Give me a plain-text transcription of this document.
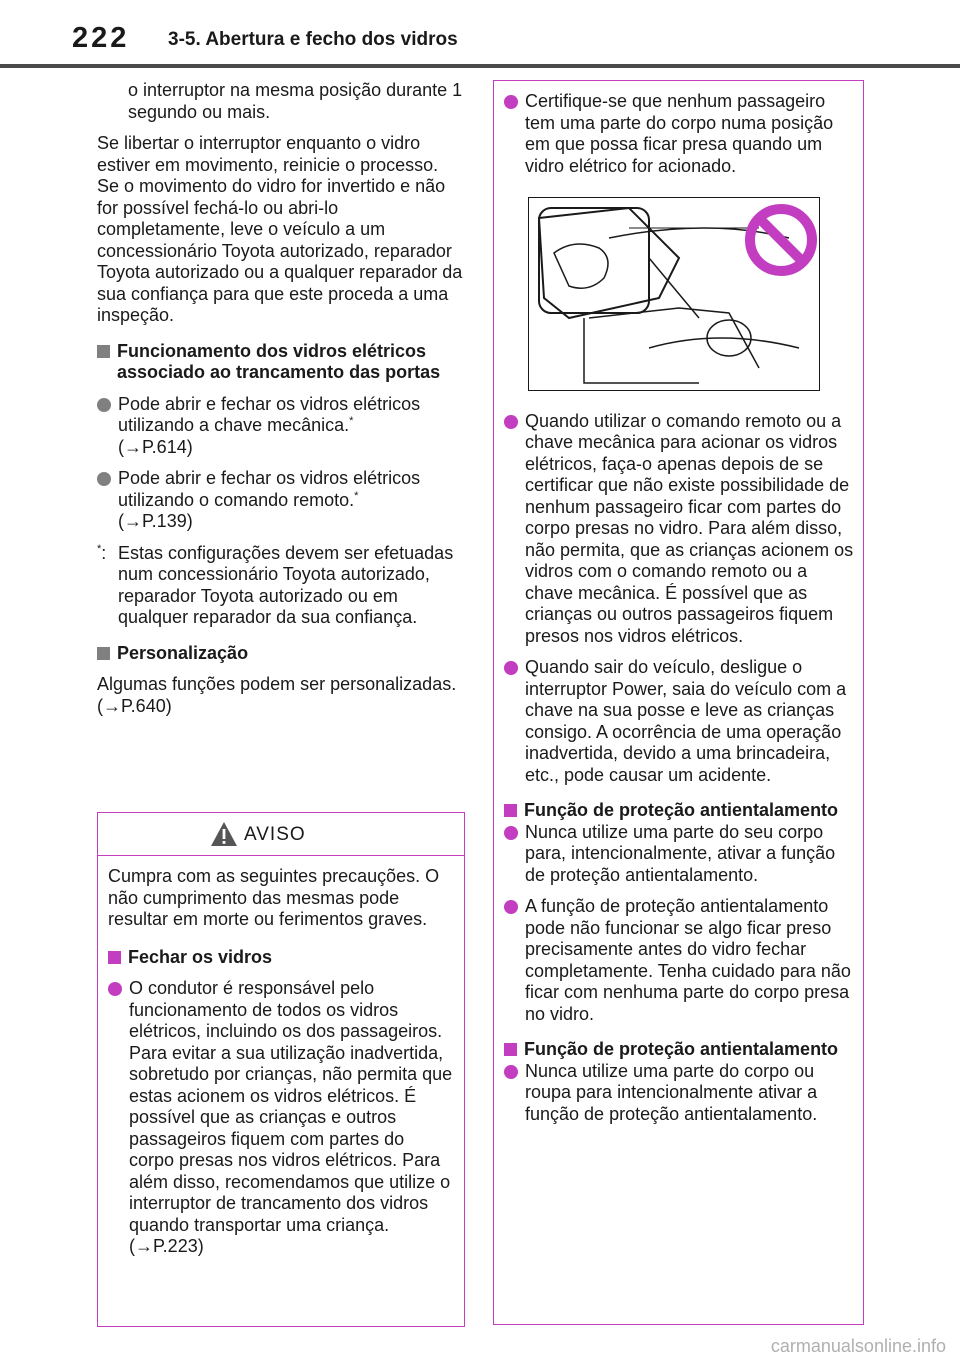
222 3-5. Abertura e fecho dos vidros

o interruptor na mesma posição durante 1 segundo ou mais.

Se libertar o interruptor enquanto o vidro estiver em movimento, reinicie o processo.

Se o movimento do vidro for invertido e não for possível fechá-lo ou abri-lo completamente, leve o veículo a um concessionário Toyota autorizado, reparador Toyota autorizado ou a qualquer reparador da sua confiança para que este proceda a uma inspeção.

Funcionamento dos vidros elétricos associado ao trancamento das portas
Pode abrir e fechar os vidros elétricos utilizando a chave mecânica.*
(→P.614)
Pode abrir e fechar os vidros elétricos utilizando o comando remoto.*
(→P.139)
*: Estas configurações devem ser efetuadas num concessionário Toyota autorizado, reparador Toyota autorizado ou em qualquer reparador da sua confiança.
Personalização

Algumas funções podem ser personalizadas. (→P.640)

AVISO

Cumpra com as seguintes precauções. O não cumprimento das mesmas pode resultar em morte ou ferimentos graves.

Fechar os vidros
O condutor é responsável pelo funcionamento de todos os vidros elétricos, incluindo os dos passageiros. Para evitar a sua utilização inadvertida, sobretudo por crianças, não permita que estas acionem os vidros elétricos. É possível que as crianças e outros passageiros fiquem com partes do corpo presas nos vidros elétricos. Para além disso, recomendamos que utilize o interruptor de trancamento dos vidros quando transportar uma criança. (→P.223)
Certifique-se que nenhum passageiro tem uma parte do corpo numa posição em que possa ficar presa quando um vidro elétrico for acionado.
Quando utilizar o comando remoto ou a chave mecânica para acionar os vidros elétricos, faça-o apenas depois de se certificar que não existe possibilidade de nenhum passageiro ficar com partes do corpo presas no vidro. Para além disso, não permita, que as crianças acionem os vidros com o comando remoto ou a chave mecânica. É possível que as crianças ou outros passageiros fiquem presos nos vidros elétricos.
Quando sair do veículo, desligue o interruptor Power, saia do veículo com a chave na sua posse e leve as crianças consigo. A ocorrência de uma operação inadvertida, devido a uma brincadeira, etc., pode causar um acidente.
Função de proteção antientalamento
Nunca utilize uma parte do seu corpo para, intencionalmente, ativar a função de proteção antientalamento.
A função de proteção antientalamento pode não funcionar se algo ficar preso precisamente antes do vidro fechar completamente. Tenha cuidado para não ficar com nenhuma parte do corpo presa no vidro.
Função de proteção antientalamento
Nunca utilize uma parte do corpo ou roupa para intencionalmente ativar a função de proteção antientalamento.
carmanualsonline.info
